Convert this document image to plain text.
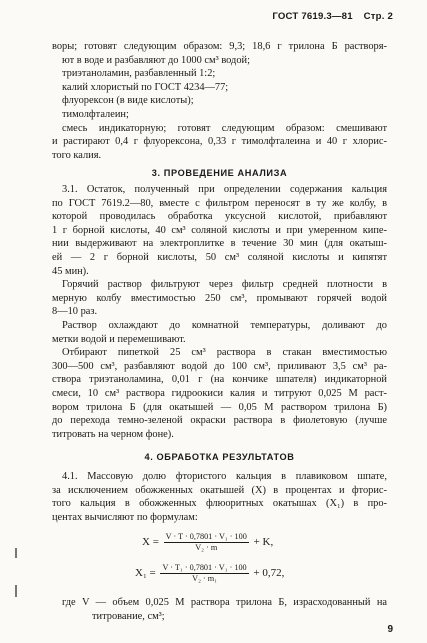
ГОСТ 7619.3—81 Стр. 2
воры; готовят следующим образом: 9,3; 18,6 г трилона Б растворя-
ют в воде и разбавляют до 1000 см³ водой;
триэтаноламин, разбавленный 1:2;
калий хлористый по ГОСТ 4234—77;
флуорексон (в виде кислоты);
тимолфталеин;
смесь индикаторную; готовят следующим образом: смешивают
и растирают 0,4 г флуорексона, 0,33 г тимолфталеина и 40 г хлорис-
того калия.
3. ПРОВЕДЕНИЕ АНАЛИЗА
3.1. Остаток, полученный при определении содержания кальция
по ГОСТ 7619.2—80, вместе с фильтром переносят в ту же колбу, в
которой проводилась обработка уксусной кислотой, прибавляют
1 г борной кислоты, 40 см³ соляной кислоты и при умеренном кипе-
нии выдерживают на электроплитке в течение 30 мин (для окатыш-
ей — 2 г борной кислоты, 50 см³ соляной кислоты и кипятят
45 мин).
Горячий раствор фильтруют через фильтр средней плотности в
мерную колбу вместимостью 250 см³, промывают горячей водой
8—10 раз.
Раствор охлаждают до комнатной температуры, доливают до
метки водой и перемешивают.
Отбирают пипеткой 25 см³ раствора в стакан вместимостью
300—500 см³, разбавляют водой до 100 см³, приливают 3,5 см³ ра-
створа триэтаноламина, 0,01 г (на кончике шпателя) индикаторной
смеси, 10 см³ раствора гидроокиси калия и титруют 0,025 М раст-
вором трилона Б (для окатышей — 0,05 М раствором трилона Б)
до перехода темно-зеленой окраски раствора в фиолетовую (лучше
титровать на черном фоне).
4. ОБРАБОТКА РЕЗУЛЬТАТОВ
4.1. Массовую долю фтористого кальция в плавиковом шпате,
за исключением обожженных окатышей (X) в процентах и фторис-
того кальция в обожженных флюоритных окатышах (X₁) в про-
центах вычисляют по формулам:
$X = \frac{\text{V · T · 0,7801 · V₁ · 100}}{\text{V₂ · m}} + K$,
$X_1 = \frac{\text{V · T₁ · 0,7801 · V₁ · 100}}{\text{V₂ · m₁}} + 0,72$,
где V — объем 0,025 М раствора трилона Б, израсходованный на
титрование, см³;
9
